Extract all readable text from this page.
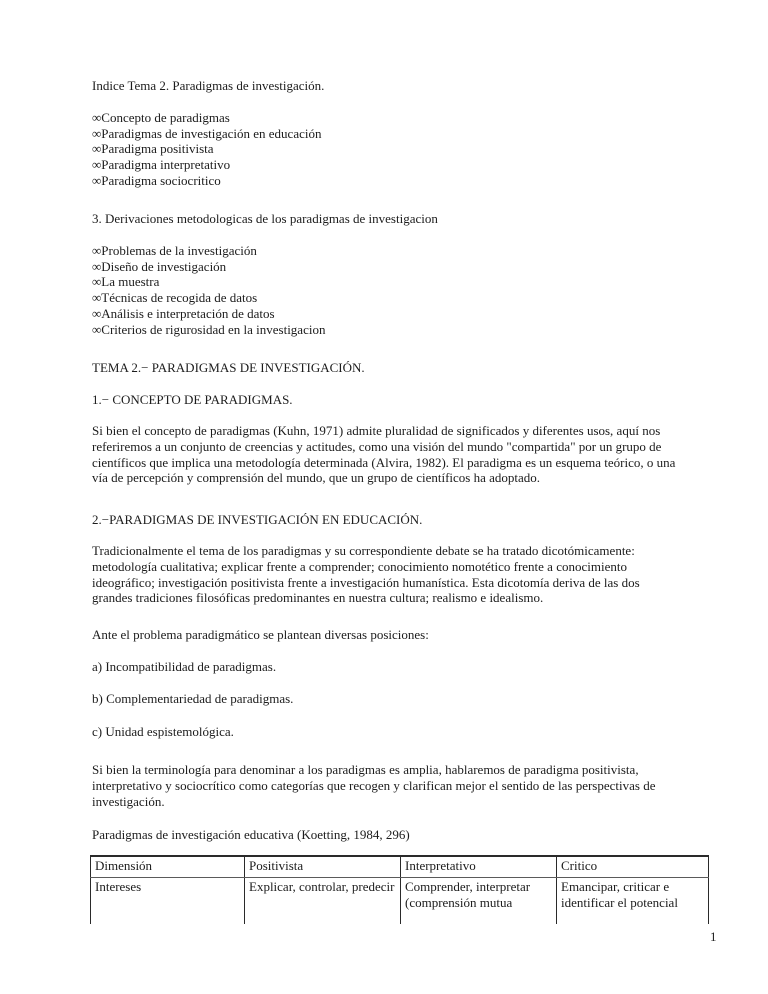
Indice Tema 2. Paradigmas de investigación.
∞Concepto de paradigmas
∞Paradigmas de investigación en educación
∞Paradigma positivista
∞Paradigma interpretativo
∞Paradigma sociocritico
3. Derivaciones metodologicas de los paradigmas de investigacion
∞Problemas de la investigación
∞Diseño de investigación
∞La muestra
∞Técnicas de recogida de datos
∞Análisis e interpretación de datos
∞Criterios de rigurosidad en la investigacion
TEMA 2.− PARADIGMAS DE INVESTIGACIÓN.
1.− CONCEPTO DE PARADIGMAS.
Si bien el concepto de paradigmas (Kuhn, 1971) admite pluralidad de significados y diferentes usos, aquí nos referiremos a un conjunto de creencias y actitudes, como una visión del mundo "compartida" por un grupo de científicos que implica una metodología determinada (Alvira, 1982). El paradigma es un esquema teórico, o una vía de percepción y comprensión del mundo, que un grupo de científicos ha adoptado.
2.−PARADIGMAS DE INVESTIGACIÓN EN EDUCACIÓN.
Tradicionalmente el tema de los paradigmas y su correspondiente debate se ha tratado dicotómicamente: metodología cualitativa; explicar frente a comprender; conocimiento nomotético frente a conocimiento ideográfico; investigación positivista frente a investigación humanística. Esta dicotomía deriva de las dos grandes tradiciones filosóficas predominantes en nuestra cultura; realismo e idealismo.
Ante el problema paradigmático se plantean diversas posiciones:
a) Incompatibilidad de paradigmas.
b) Complementariedad de paradigmas.
c) Unidad espistemológica.
Si bien la terminología para denominar a los paradigmas es amplia, hablaremos de paradigma positivista, interpretativo y sociocrítico como categorías que recogen y clarifican mejor el sentido de las perspectivas de investigación.
Paradigmas de investigación educativa (Koetting, 1984, 296)
Dimensión	Positivista	Interpretativo	Critico
Intereses	Explicar, controlar, predecir	Comprender, interpretar (comprensión mutua	Emancipar, criticar e identificar el potencial
1
